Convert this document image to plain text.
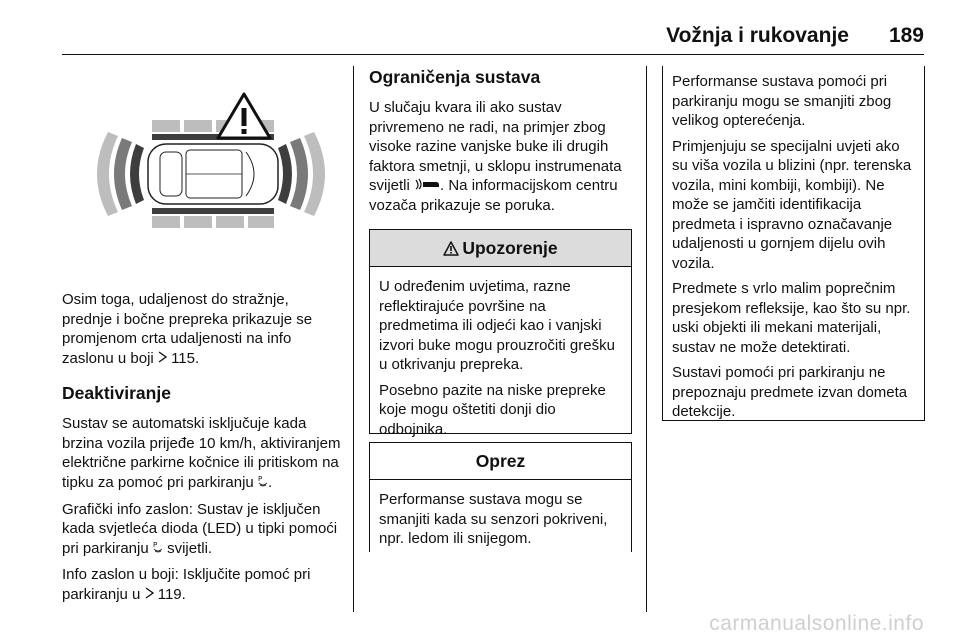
Vožnja i rukovanje 189

Osim toga, udaljenost do stražnje, prednje i bočne prepreka prikazuje se promjenom crta udaljenosti na info zaslonu u boji 115.

Deaktiviranje

Sustav se automatski isključuje kada brzina vozila prijeđe 10 km/h, aktiviranjem električne parkirne kočnice ili pritiskom na tipku za pomoć pri parkiranju P .

Grafički info zaslon: Sustav je isključen kada svjetleća dioda (LED) u tipki pomoći pri parkiranju P svijetli.

Info zaslon u boji: Isključite pomoć pri parkiranju u 119.

Ograničenja sustava

U slučaju kvara ili ako sustav privremeno ne radi, na primjer zbog visoke razine vanjske buke ili drugih faktora smetnji, u sklopu instrumenata svijetli . Na informacijskom centru vozača prikazuje se poruka.

Upozorenje

U određenim uvjetima, razne reflektirajuće površine na predmetima ili odjeći kao i vanjski izvori buke mogu prouzročiti grešku u otkrivanju prepreka.

Posebno pazite na niske prepreke koje mogu oštetiti donji dio odbojnika.

Oprez

Performanse sustava mogu se smanjiti kada su senzori pokriveni, npr. ledom ili snijegom.

Performanse sustava pomoći pri parkiranju mogu se smanjiti zbog velikog opterećenja.

Primjenjuju se specijalni uvjeti ako su viša vozila u blizini (npr. terenska vozila, mini kombiji, kombiji). Ne može se jamčiti identifikacija predmeta i ispravno označavanje udaljenosti u gornjem dijelu ovih vozila.

Predmete s vrlo malim poprečnim presjekom refleksije, kao što su npr. uski objekti ili mekani materijali, sustav ne može detektirati.

Sustavi pomoći pri parkiranju ne prepoznaju predmete izvan dometa detekcije.

carmanualsonline.info
